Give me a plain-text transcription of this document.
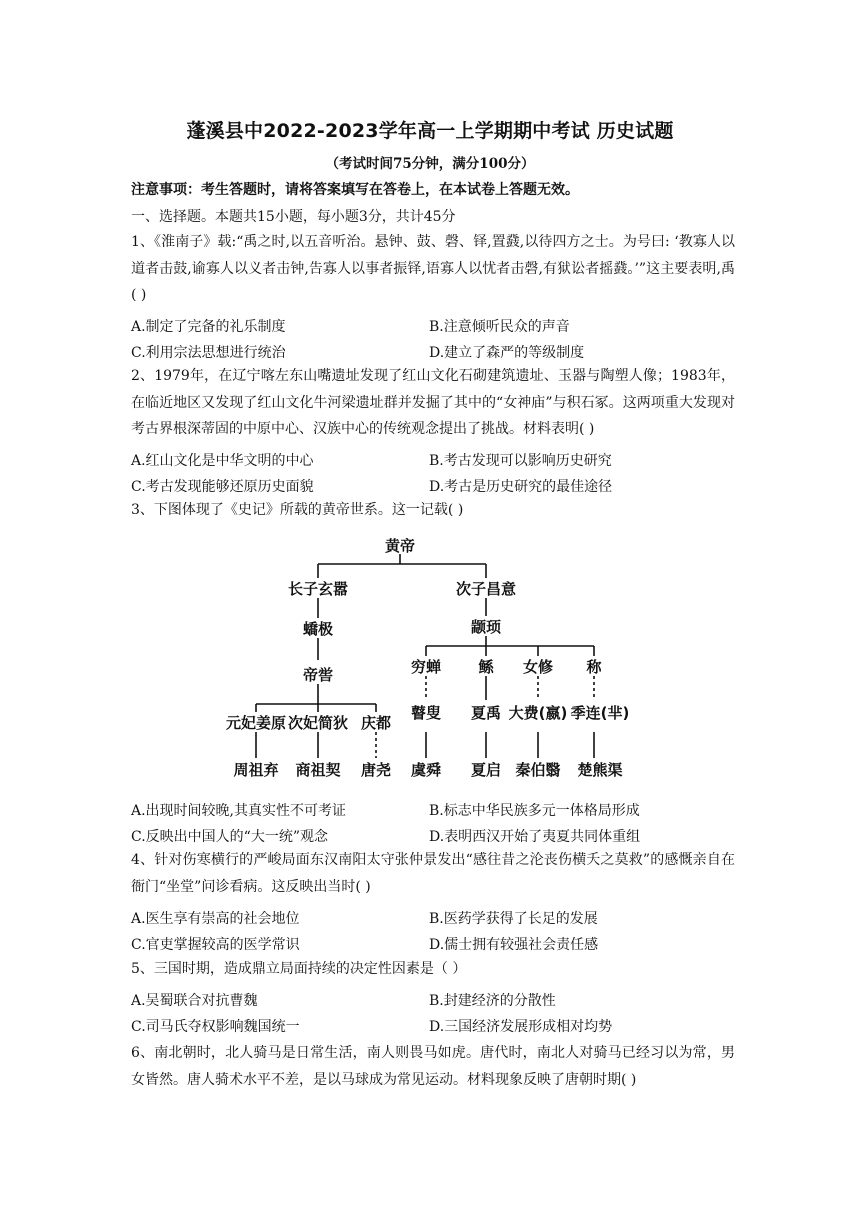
蓬溪县中2022-2023学年高一上学期期中考试 历史试题
（考试时间75分钟，满分100分）
注意事项：考生答题时，请将答案填写在答卷上，在本试卷上答题无效。
一、选择题。本题共15小题，每小题3分，共计45分
1、《淮南子》载:“禹之时,以五音听治。悬钟、鼓、磬、铎,置鼗,以待四方之士。为号曰: ‘教寡人以道者击鼓,谕寡人以义者击钟,告寡人以事者振铎,语寡人以忧者击磬,有狱讼者摇鼗。’”这主要表明,禹( )
A.制定了完备的礼乐制度	B.注意倾听民众的声音
C.利用宗法思想进行统治	D.建立了森严的等级制度
2、1979年，在辽宁喀左东山嘴遗址发现了红山文化石砌建筑遗址、玉器与陶塑人像；1983年，在临近地区又发现了红山文化牛河梁遗址群并发掘了其中的“女神庙”与积石冢。这两项重大发现对考古界根深蒂固的中原中心、汉族中心的传统观念提出了挑战。材料表明( )
A.红山文化是中华文明的中心	B.考古发现可以影响历史研究
C.考古发现能够还原历史面貌	D.考古是历史研究的最佳途径
3、下图体现了《史记》所载的黄帝世系。这一记载( )
黄帝
长子玄嚣	次子昌意
蟜极
帝喾
颛顼
元妃姜原 次妃简狄 庆都
周祖弃 商祖契 唐尧
穷蝉 鲧 女修 称
瞽叟 夏禹 大费(嬴) 季连(芈)
虞舜 夏启 秦伯翳 楚熊渠
A.出现时间较晚,其真实性不可考证	B.标志中华民族多元一体格局形成
C.反映出中国人的“大一统”观念	D.表明西汉开始了夷夏共同体重组
4、针对伤寒横行的严峻局面东汉南阳太守张仲景发出“感往昔之沦丧伤横夭之莫救”的感慨亲自在衙门“坐堂”问诊看病。这反映出当时( )
A.医生享有崇高的社会地位	B.医药学获得了长足的发展
C.官吏掌握较高的医学常识	D.儒士拥有较强社会责任感
5、三国时期，造成鼎立局面持续的决定性因素是（ ）
A.吴蜀联合对抗曹魏	B.封建经济的分散性
C.司马氏夺权影响魏国统一	D.三国经济发展形成相对均势
6、南北朝时，北人骑马是日常生活，南人则畏马如虎。唐代时，南北人对骑马已经习以为常，男女皆然。唐人骑术水平不差，是以马球成为常见运动。材料现象反映了唐朝时期( )
